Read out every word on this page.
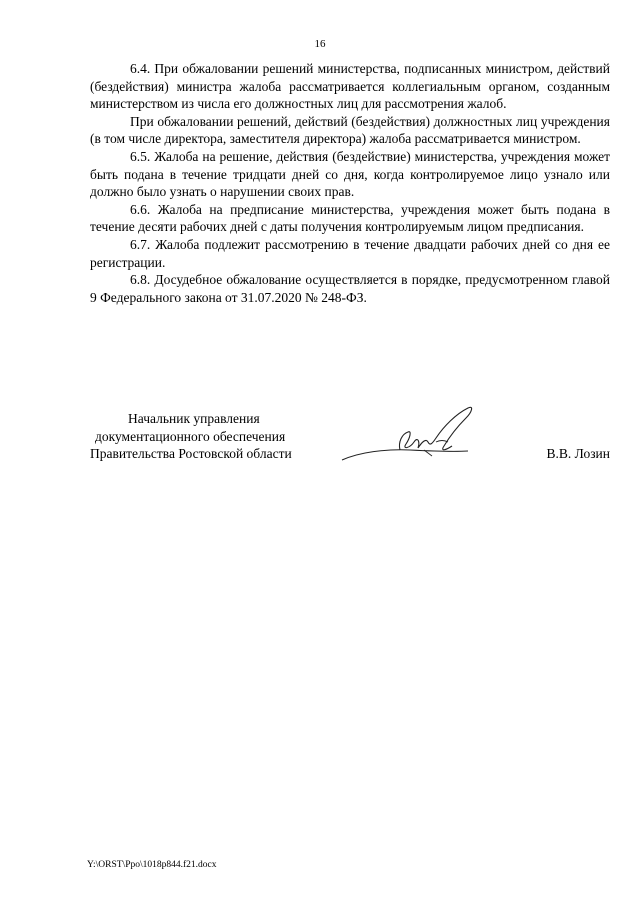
16

6.4. При обжаловании решений министерства, подписанных министром, действий (бездействия) министра жалоба рассматривается коллегиальным органом, созданным министерством из числа его должностных лиц для рассмотрения жалоб.

При обжаловании решений, действий (бездействия) должностных лиц учреждения (в том числе директора, заместителя директора) жалоба рассматривается министром.

6.5. Жалоба на решение, действия (бездействие) министерства, учреждения может быть подана в течение тридцати дней со дня, когда контролируемое лицо узнало или должно было узнать о нарушении своих прав.

6.6. Жалоба на предписание министерства, учреждения может быть подана в течение десяти рабочих дней с даты получения контролируемым лицом предписания.

6.7. Жалоба подлежит рассмотрению в течение двадцати рабочих дней со дня ее регистрации.

6.8. Досудебное обжалование осуществляется в порядке, предусмотренном главой 9 Федерального закона от 31.07.2020 № 248-ФЗ.

Начальник управления
документационного обеспечения
Правительства Ростовской области	В.В. Лозин
Y:\ORST\Ppo\1018p844.f21.docx
